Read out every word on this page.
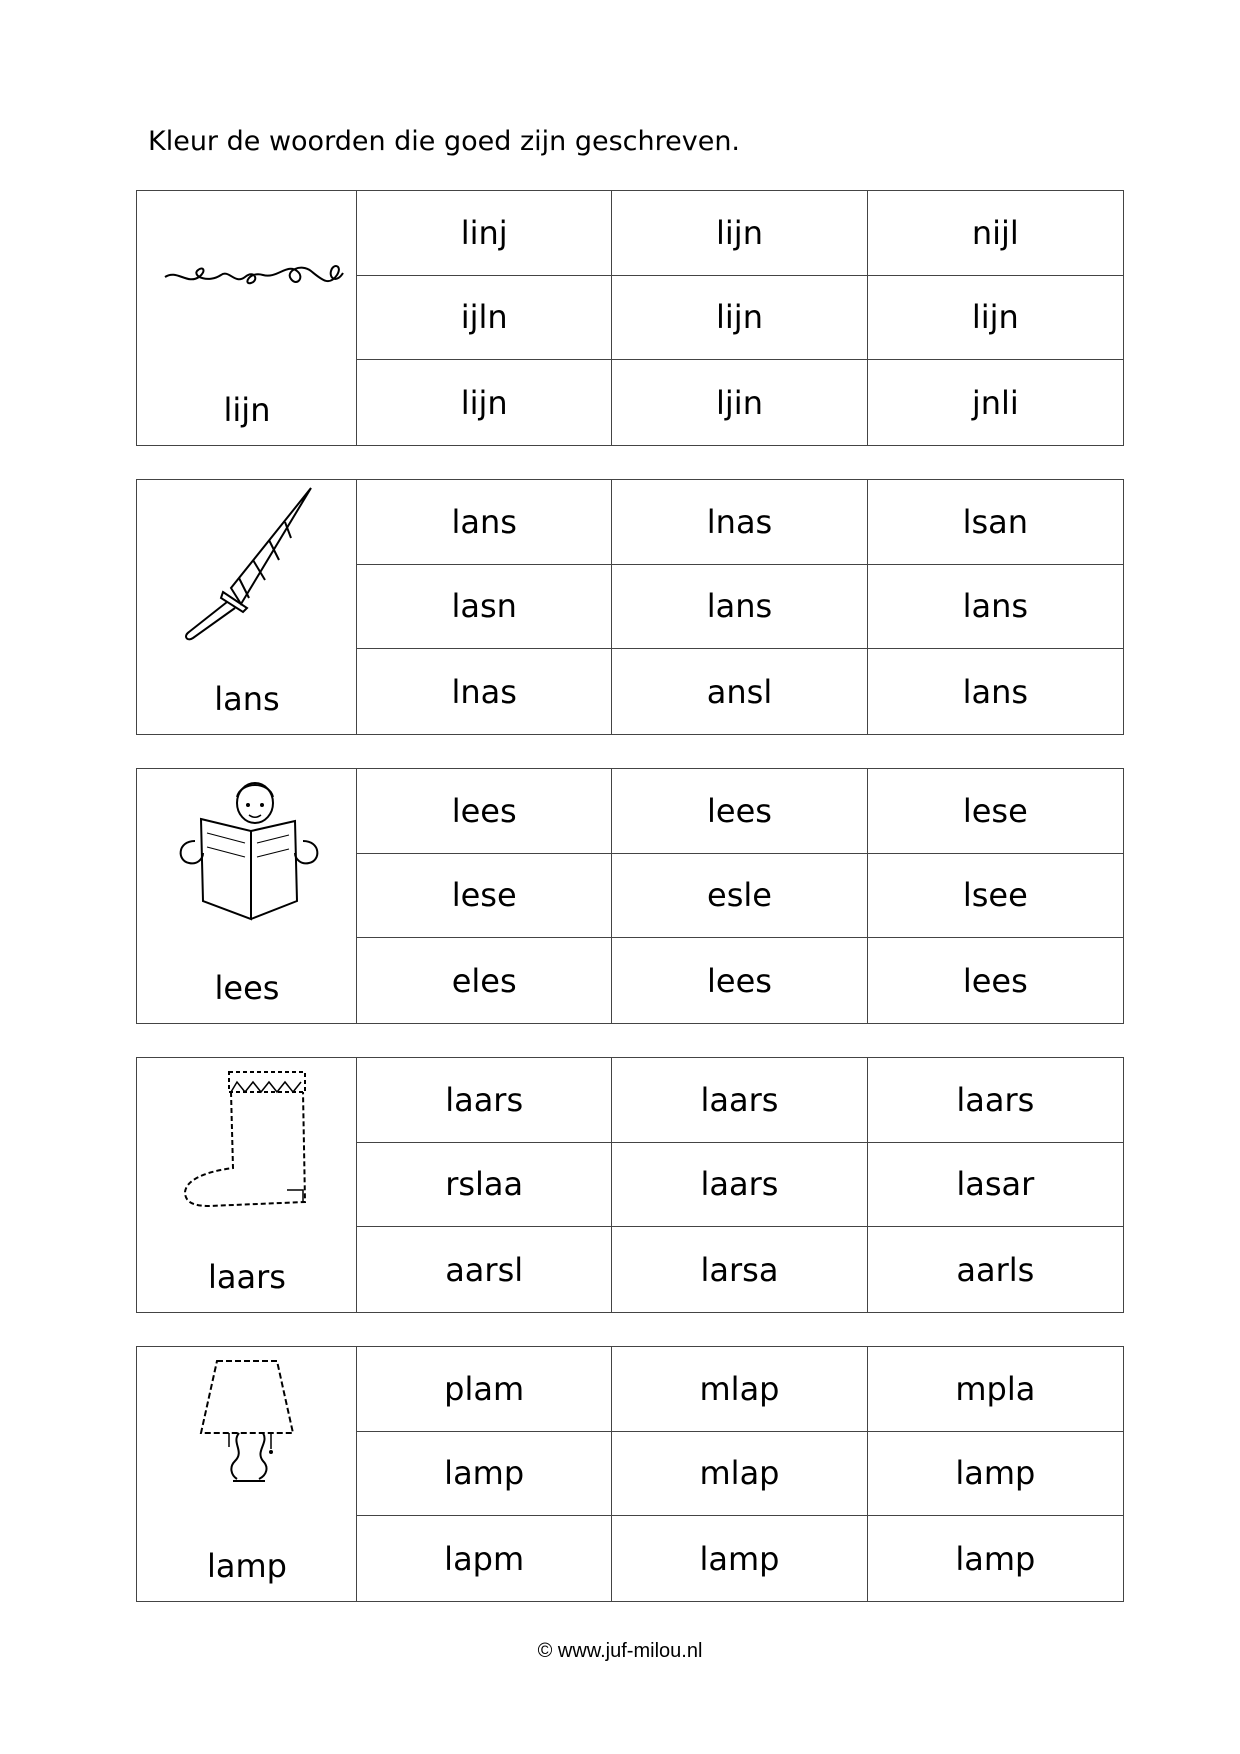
Kleur de woorden die goed zijn geschreven.
lijn
linj	lijn	nijl
ijln	lijn	lijn
lijn	ljin	jnli
lans
lans	lnas	lsan
lasn	lans	lans
lnas	ansl	lans
lees
lees	lees	lese
lese	esle	lsee
eles	lees	lees
laars
laars	laars	laars
rslaa	laars	lasar
aarsl	larsa	aarls
lamp
plam	mlap	mpla
lamp	mlap	lamp
lapm	lamp	lamp
© www.juf-milou.nl
